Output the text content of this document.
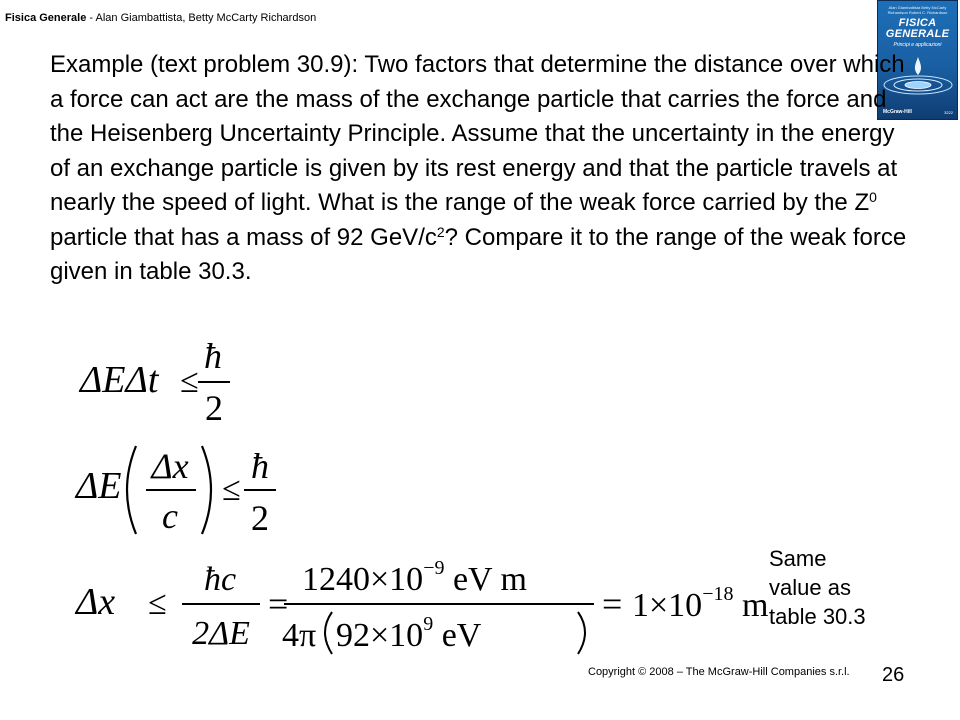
Fisica Generale - Alan Giambattista, Betty McCarty Richardson
Alan Giambattista Betty McCarty Richardson Robert C. Richardson
FISICA
GENERALE
Principi e applicazioni
McGraw-Hill	3222
Example (text problem 30.9): Two factors that determine the distance over which a force can act are the mass of the exchange particle that carries the force and the Heisenberg Uncertainty Principle. Assume that the uncertainty in the energy of an exchange particle is given by its rest energy and that the particle travels at nearly the speed of light. What is the range of the weak force carried by the $Z^0$ particle that has a mass of 92 GeV/$c^2$? Compare it to the range of the weak force given in table 30.3.
ΔEΔt ≤
ħ
2
ΔE Δx
c
≤
ħ
2
Δx ≤
ħc
2ΔE
=
$1240\times 10^{-9}$ eV m
4π $92\times 10^9$ eV
= $1\times 10^{-18}$ m
Same
value as
table 30.3
Copyright © 2008 – The McGraw-Hill Companies s.r.l. 26
